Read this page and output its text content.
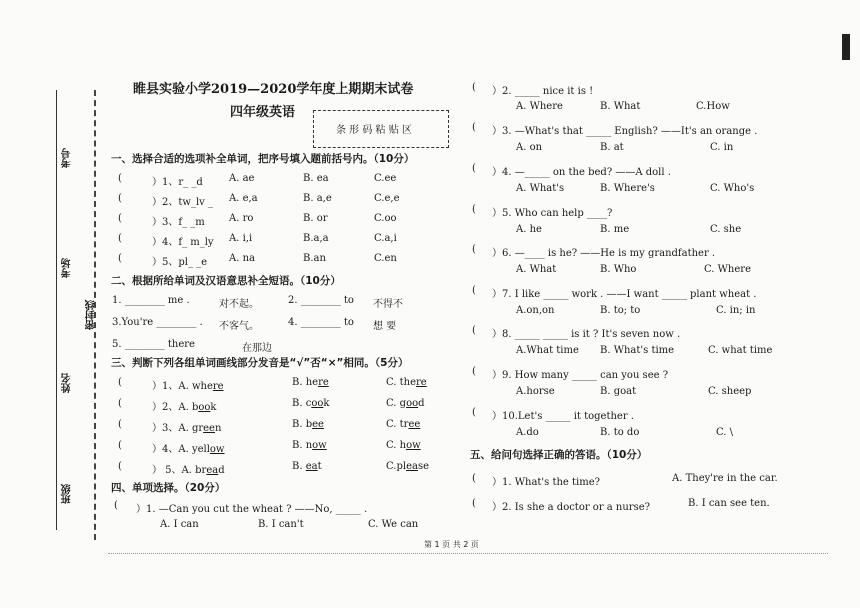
考号
考场
密封线
姓名
班级
睢县实验小学2019—2020学年度上期期末试卷
四年级英语
条 形 码 粘 贴 区
一、选择合适的选项补全单词，把序号填入题前括号内。（10分）
(	）1、r_ _d	A. ae	B. ea	C.ee
(	）2、tw_lv _ A. e,a	B. a,e	C.e,e
(	）3、f_ _m A. ro	B. or	C.oo
(	）4、f_ m_ly A. i,i	B.a,a	C.a,i
(	）5、pl_ _e A. na	B.an	C.en
二、根据所给单词及汉语意思补全短语。（10分）
1. ________ me .	对不起。	2. ________ to 不得不
3.You're ________ . 不客气。	4. ________ to 想 要
5. ________ there	在那边
三、判断下列各组单词画线部分发音是“√”否“×”相同。（5分）
(	）1、A. where	B. here	C. there
(	）2、A. book	B. cook	C. good
(	）3、A. green	B. bee	C. tree
(	）4、A. yellow	B. now	C. how
(	） 5、A. bread	B. eat	C.please
四、单项选择。（20分）
( ）1. —Can you cut the wheat ? ——No, _____ .
A. I can	B. I can't	C. We can
( ）2. _____ nice it is !
A. Where	B. What	C.How
( ）3. —What's that _____ English? ——It's an orange .
A. on	B. at	C. in
( ）4. —_____ on the bed? ——A doll .
A. What's	B. Where's	C. Who's
( ）5. Who can help ____?
A. he	B. me	C. she
( ）6. —____ is he? ——He is my grandfather .
A. What	B. Who	C. Where
( ）7. I like _____ work . ——I want _____ plant wheat .
A.on,on	B. to; to	C. in; in
( ）8. _____ _____ is it ? It's seven now .
A.What time B. What's time	C. what time
( ）9. How many _____ can you see ?
A.horse	B. goat	C. sheep
( ）10.Let's _____ it together .
A.do	B. to do	C. \
五、给问句选择正确的答语。（10分）
( ）1. What's the time?	A. They're in the car.
( ）2. Is she a doctor or a nurse?	B. I can see ten.
第 1 页 共 2 页
